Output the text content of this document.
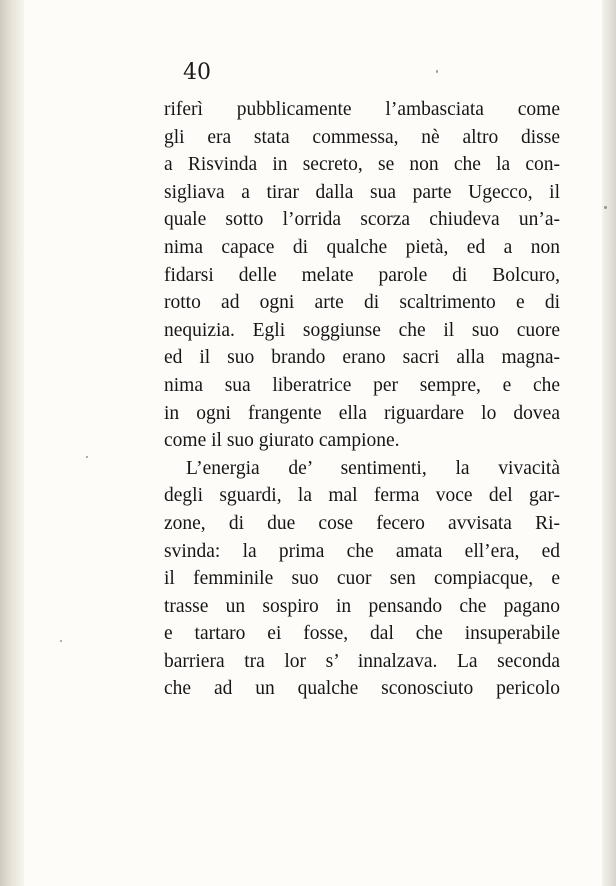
40
riferì pubblicamente l’ambasciata come
gli era stata commessa, nè altro disse
a Risvinda in secreto, se non che la con-
sigliava a tirar dalla sua parte Ugecco, il
quale sotto l’orrida scorza chiudeva un’a-
nima capace di qualche pietà, ed a non
fidarsi delle melate parole di Bolcuro,
rotto ad ogni arte di scaltrimento e di
nequizia. Egli soggiunse che il suo cuore
ed il suo brando erano sacri alla magna-
nima sua liberatrice per sempre, e che
in ogni frangente ella riguardare lo dovea
come il suo giurato campione.
L’energia de’ sentimenti, la vivacità
degli sguardi, la mal ferma voce del gar-
zone, di due cose fecero avvisata Ri-
svinda: la prima che amata ell’era, ed
il femminile suo cuor sen compiacque, e
trasse un sospiro in pensando che pagano
e tartaro ei fosse, dal che insuperabile
barriera tra lor s’ innalzava. La seconda
che ad un qualche sconosciuto pericolo
